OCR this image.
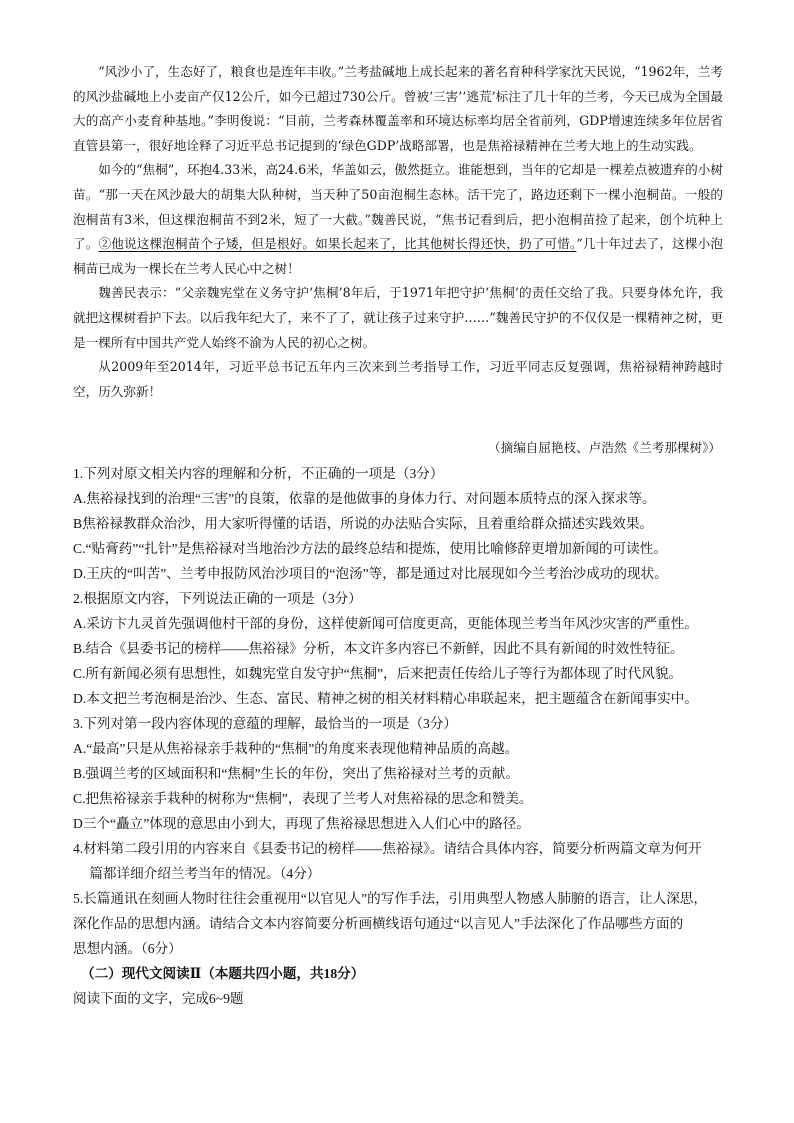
“风沙小了，生态好了，粮食也是连年丰收。”兰考盐碱地上成长起来的著名育种科学家沈天民说，“1962年，兰考的风沙盐碱地上小麦亩产仅12公斤，如今已超过730公斤。曾被‘三害’‘逃荒’标注了几十年的兰考，今天已成为全国最大的高产小麦育种基地。”李明俊说：“目前，兰考森林覆盖率和环境达标率均居全省前列，GDP增速连续多年位居省直管县第一，很好地诠释了习近平总书记提到的‘绿色GDP’战略部署，也是焦裕禄精神在兰考大地上的生动实践。

如今的“焦桐”，环抱4.33米，高24.6米，华盖如云，傲然挺立。谁能想到，当年的它却是一棵差点被遗弃的小树苗。“那一天在风沙最大的胡集大队种树，当天种了50亩泡桐生态林。活干完了，路边还剩下一棵小泡桐苗。一般的泡桐苗有3米，但这棵泡桐苗不到2米，短了一大截。”魏善民说，“焦书记看到后，把小泡桐苗捡了起来，创个坑种上了。②他说这棵泡桐苗个子矮，但是根好。如果长起来了，比其他树长得还快，扔了可惜。”几十年过去了，这棵小泡桐苗已成为一棵长在兰考人民心中之树！

魏善民表示：“父亲魏宪堂在义务守护‘焦桐’8年后，于1971年把守护‘焦桐’的责任交给了我。只要身体允许，我就把这棵树看护下去。以后我年纪大了，来不了了，就让孩子过来守护……”魏善民守护的不仅仅是一棵精神之树，更是一棵所有中国共产党人始终不渝为人民的初心之树。

从2009年至2014年，习近平总书记五年内三次来到兰考指导工作，习近平同志反复强调，焦裕禄精神跨越时空，历久弥新！

（摘编自屈艳枝、卢浩然《兰考那棵树》）
1.下列对原文相关内容的理解和分析，不正确的一项是（3分）
A.焦裕禄找到的治理“三害”的良策，依靠的是他做事的身体力行、对问题本质特点的深入探求等。
B焦裕禄教群众治沙，用大家听得懂的话语，所说的办法贴合实际，且着重给群众描述实践效果。
C.“贴膏药”“扎针”是焦裕禄对当地治沙方法的最终总结和提炼，使用比喻修辞更增加新闻的可读性。
D.王庆的“叫苦”、兰考申报防风治沙项目的“泡汤”等，都是通过对比展现如今兰考治沙成功的现状。
2.根据原文内容，下列说法正确的一项是（3分）
A.采访卞九灵首先强调他村干部的身份，这样使新闻可信度更高，更能体现兰考当年风沙灾害的严重性。
B.结合《县委书记的榜样——焦裕禄》分析，本文许多内容已不新鲜，因此不具有新闻的时效性特征。
C.所有新闻必须有思想性，如魏宪堂自发守护“焦桐”，后来把责任传给儿子等行为都体现了时代风貌。
D.本文把兰考泡桐是治沙、生态、富民、精神之树的相关材料精心串联起来，把主题蕴含在新闻事实中。
3.下列对第一段内容体现的意蕴的理解，最恰当的一项是（3分）
A.“最高”只是从焦裕禄亲手栽种的“焦桐”的角度来表现他精神品质的高越。
B.强调兰考的区域面积和“焦桐”生长的年份，突出了焦裕禄对兰考的贡献。
C.把焦裕禄亲手栽种的树称为“焦桐”，表现了兰考人对焦裕禄的思念和赞美。
D三个“矗立”体现的意思由小到大，再现了焦裕禄思想进入人们心中的路径。
4.材料第二段引用的内容来自《县委书记的榜样——焦裕禄》。请结合具体内容，简要分析两篇文章为何开
篇都详细介绍兰考当年的情况。（4分）
5.长篇通讯在刻画人物时往往会重视用“以官见人”的写作手法，引用典型人物感人肺腑的语言，让人深思，
深化作品的思想内涵。请结合文本内容简要分析画横线语句通过“以言见人”手法深化了作品哪些方面的
思想内涵。（6分）
（二）现代文阅读Ⅱ（本题共四小题，共18分）
阅读下面的文字，完成6~9题
